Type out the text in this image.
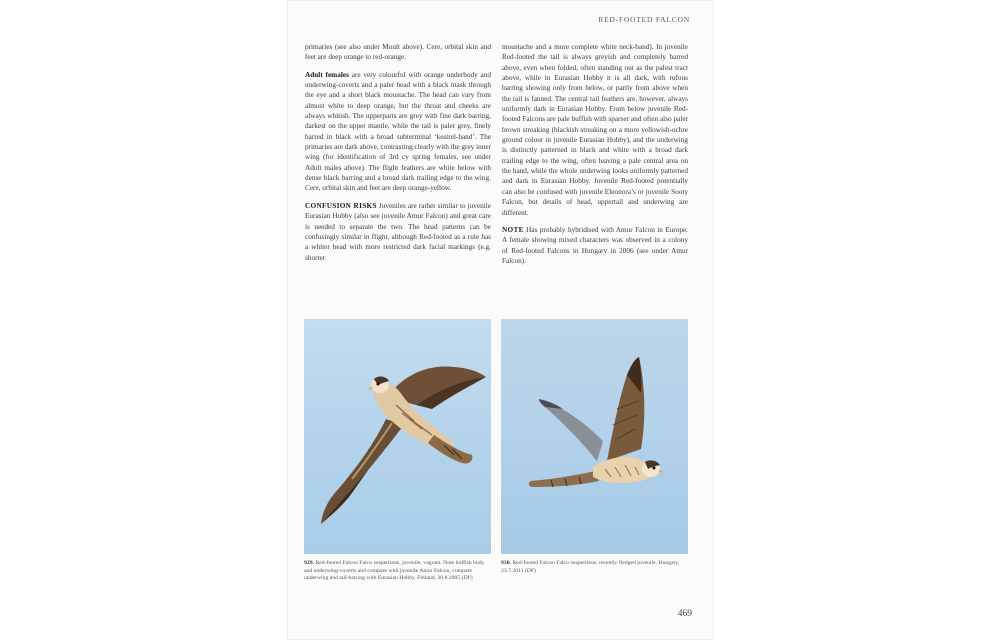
RED-FOOTED FALCON

primaries (see also under Moult above). Cere, orbital skin and feet are deep orange to red-orange.

Adult females are very colourful with orange underbody and underwing-coverts and a paler head with a black mask through the eye and a short black moustache. The head can vary from almost white to deep orange, but the throat and cheeks are always whitish. The upperparts are grey with fine dark barring, darkest on the upper mantle, while the tail is paler grey, finely barred in black with a broad subterminal ‘kestrel-band’. The primaries are dark above, contrasting clearly with the grey inner wing (for identification of 3rd cy spring females, see under Adult males above). The flight feathers are white below with dense black barring and a broad dark trailing edge to the wing. Cere, orbital skin and feet are deep orange-yellow.

CONFUSION RISKS Juveniles are rather similar to juvenile Eurasian Hobby (also see juvenile Amur Falcon) and great care is needed to separate the two. The head patterns can be confusingly similar in flight, although Red-footed as a rule has a whiter head with more restricted dark facial markings (e.g. shorter

moustache and a more complete white neck-band). In juvenile Red-footed the tail is always greyish and completely barred above, even when folded, often standing out as the palest tract above, while in Eurasian Hobby it is all dark, with rufous barring showing only from below, or partly from above when the tail is fanned. The central tail feathers are, however, always uniformly dark in Eurasian Hobby. From below juvenile Red-footed Falcons are pale buffish with sparser and often also paler brown streaking (blackish streaking on a more yellowish-ochre ground colour in juvenile Eurasian Hobby), and the underwing is distinctly patterned in black and white with a broad dark trailing edge to the wing, often leaving a pale central area on the hand, while the whole underwing looks uniformly patterned and dark in Eurasian Hobby. Juvenile Red-footed potentially can also be confused with juvenile Eleonora’s or juvenile Sooty Falcon, but details of head, uppertail and underwing are different.

NOTE Has probably hybridised with Amur Falcon in Europe. A female showing mixed characters was observed in a colony of Red-footed Falcons in Hungary in 2006 (see under Amur Falcon).

929. Red-footed Falcon Falco vespertinus, juvenile, vagrant. Note buffish body and underwing-coverts and compare with juvenile Amur Falcon, compare underwing and tail-barring with Eurasian Hobby. Finland, 30.8.2005 (DF)
930. Red-footed Falcon Falco vespertinus, recently fledged juvenile. Hungary, 23.7.2011 (DF)
469
